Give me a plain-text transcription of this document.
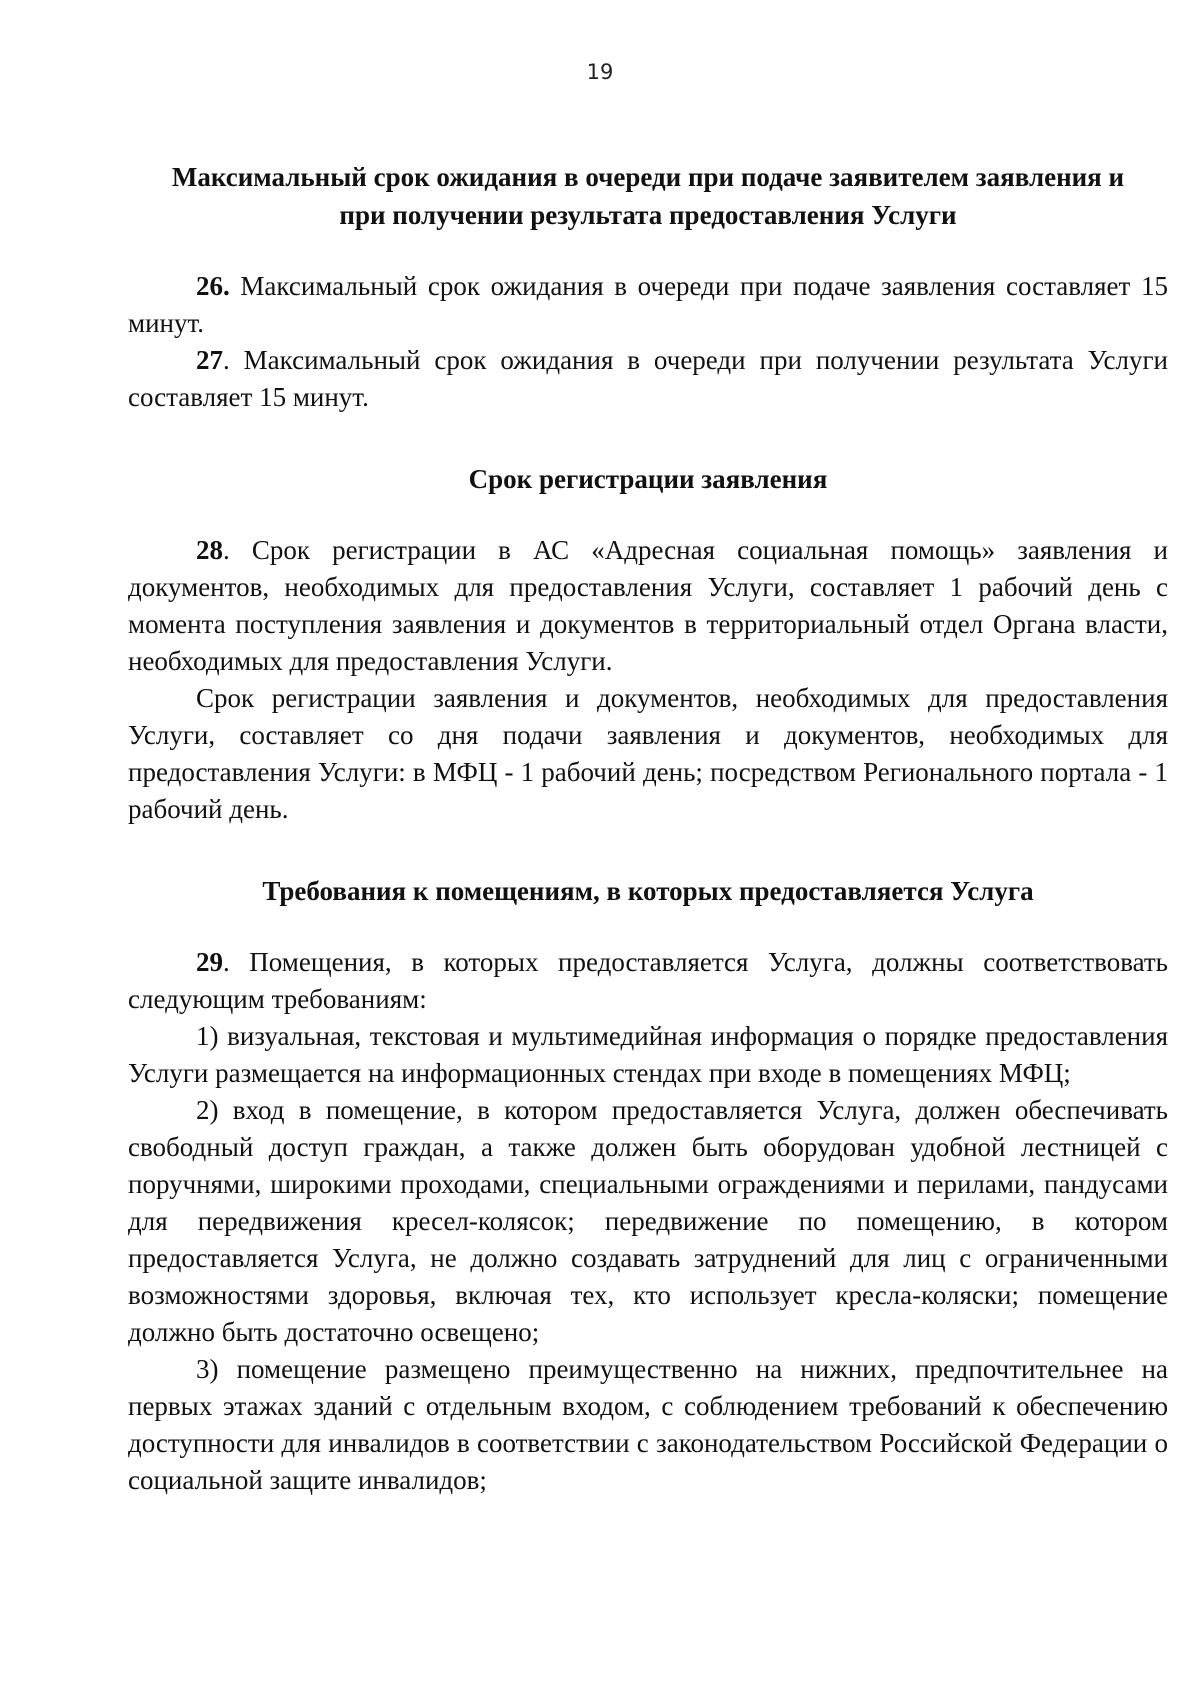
19

Максимальный срок ожидания в очереди при подаче заявителем заявления и

при получении результата предоставления Услуги

26. Максимальный срок ожидания в очереди при подаче заявления составляет 15 минут.

27. Максимальный срок ожидания в очереди при получении результата Услуги составляет 15 минут.

Срок регистрации заявления

28. Срок регистрации в АС «Адресная социальная помощь» заявления и документов, необходимых для предоставления Услуги, составляет 1 рабочий день с момента поступления заявления и документов в территориальный отдел Органа власти, необходимых для предоставления Услуги.

Срок регистрации заявления и документов, необходимых для предоставления Услуги, составляет со дня подачи заявления и документов, необходимых для предоставления Услуги: в МФЦ - 1 рабочий день; посредством Регионального портала - 1 рабочий день.

Требования к помещениям, в которых предоставляется Услуга

29. Помещения, в которых предоставляется Услуга, должны соответствовать следующим требованиям:

1) визуальная, текстовая и мультимедийная информация о порядке предоставления Услуги размещается на информационных стендах при входе в помещениях МФЦ;

2) вход в помещение, в котором предоставляется Услуга, должен обеспечивать свободный доступ граждан, а также должен быть оборудован удобной лестницей с поручнями, широкими проходами, специальными ограждениями и перилами, пандусами для передвижения кресел-колясок; передвижение по помещению, в котором предоставляется Услуга, не должно создавать затруднений для лиц с ограниченными возможностями здоровья, включая тех, кто использует кресла-коляски; помещение должно быть достаточно освещено;

3) помещение размещено преимущественно на нижних, предпочтительнее на первых этажах зданий с отдельным входом, с соблюдением требований к обеспечению доступности для инвалидов в соответствии с законодательством Российской Федерации о социальной защите инвалидов;
